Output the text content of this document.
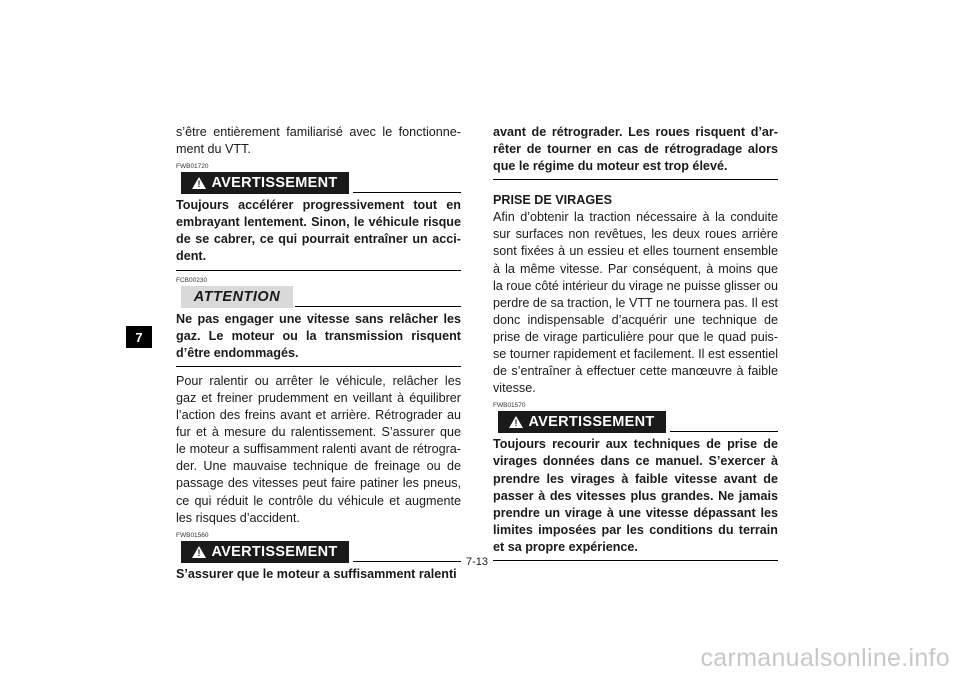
7

s’être entièrement familiarisé avec le fonctionnement du VTT.

FWB01720
! AVERTISSEMENT

Toujours accélérer progressivement tout en embrayant lentement. Sinon, le véhicule risque de se cabrer, ce qui pourrait entraîner un accident.

FCB00230
ATTENTION

Ne pas engager une vitesse sans relâcher les gaz. Le moteur ou la transmission risquent d’être endommagés.

Pour ralentir ou arrêter le véhicule, relâcher les gaz et freiner prudemment en veillant à équilibrer l’action des freins avant et arrière. Rétrograder au fur et à mesure du ralentissement. S’assurer que le moteur a suffisamment ralenti avant de rétrograder. Une mauvaise technique de freinage ou de passage des vitesses peut faire patiner les pneus, ce qui réduit le contrôle du véhicule et augmente les risques d’accident.

FWB01560
! AVERTISSEMENT

S’assurer que le moteur a suffisamment ralenti

avant de rétrograder. Les roues risquent d’arrêter de tourner en cas de rétrogradage alors que le régime du moteur est trop élevé.

PRISE DE VIRAGES

Afin d’obtenir la traction nécessaire à la conduite sur surfaces non revêtues, les deux roues arrière sont fixées à un essieu et elles tournent ensemble à la même vitesse. Par conséquent, à moins que la roue côté intérieur du virage ne puisse glisser ou perdre de sa traction, le VTT ne tournera pas. Il est donc indispensable d’acquérir une technique de prise de virage particulière pour que le quad puisse tourner rapidement et facilement. Il est essentiel de s’entraîner à effectuer cette manœuvre à faible vitesse.

FWB01570
! AVERTISSEMENT

Toujours recourir aux techniques de prise de virages données dans ce manuel. S’exercer à prendre les virages à faible vitesse avant de passer à des vitesses plus grandes. Ne jamais prendre un virage à une vitesse dépassant les limites imposées par les conditions du terrain et sa propre expérience.

7-13
carmanualsonline.info
